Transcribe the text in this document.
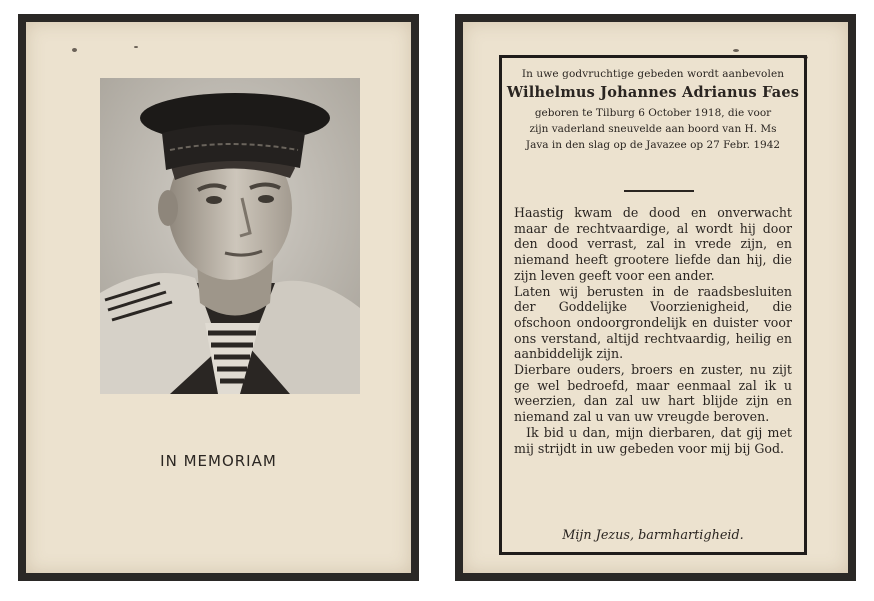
IN MEMORIAM
In uwe godvruchtige gebeden wordt aanbevolen
Wilhelmus Johannes Adrianus Faes
geboren te Tilburg 6 October 1918, die voor
zijn vaderland sneuvelde aan boord van H. Ms
Java in den slag op de Javazee op 27 Febr. 1942

Haastig kwam de dood en onverwacht maar de rechtvaardige, al wordt hij door den dood verrast, zal in vrede zijn, en niemand heeft grootere liefde dan hij, die zijn leven geeft voor een ander.

Laten wij berusten in de raadsbesluiten der Goddelijke Voorzienigheid, die ofschoon ondoorgrondelijk en duister voor ons verstand, altijd rechtvaardig, heilig en aanbiddelijk zijn.

Dierbare ouders, broers en zuster, nu zijt ge wel bedroefd, maar eenmaal zal ik u weerzien, dan zal uw hart blijde zijn en niemand zal u van uw vreugde beroven.

Ik bid u dan, mijn dierbaren, dat gij met mij strijdt in uw gebeden voor mij bij God.

Mijn Jezus, barmhartigheid.
